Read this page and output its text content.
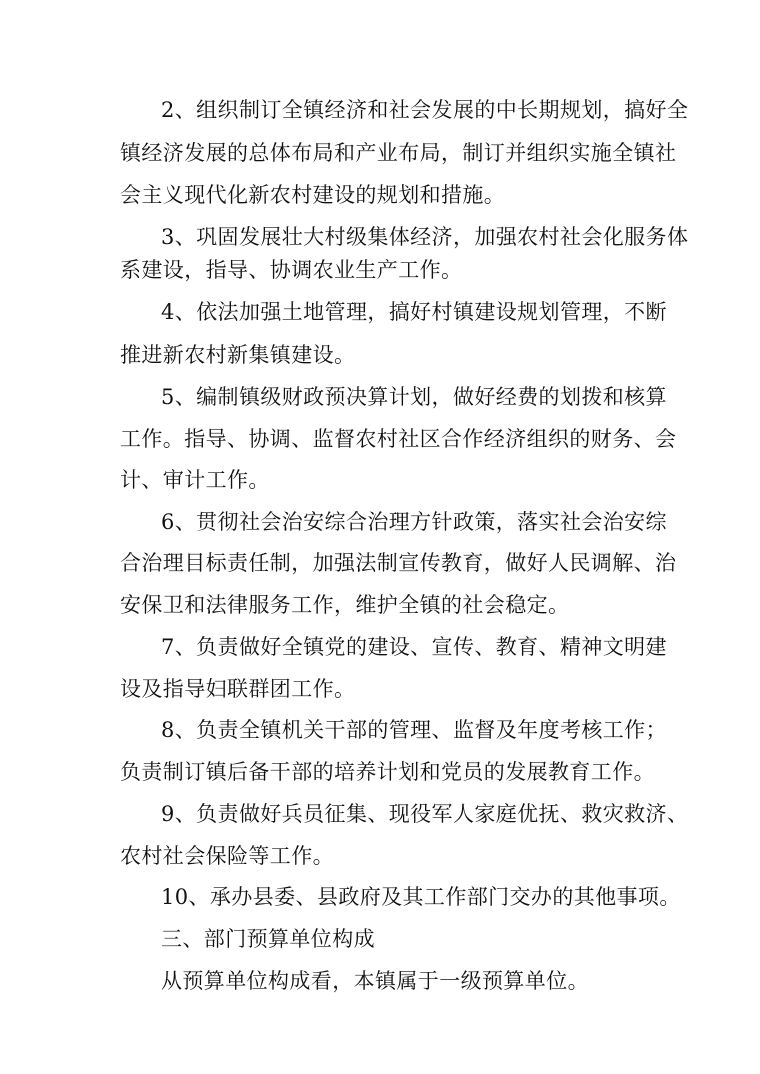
2、组织制订全镇经济和社会发展的中长期规划，搞好全
镇经济发展的总体布局和产业布局，制订并组织实施全镇社
会主义现代化新农村建设的规划和措施。
3、巩固发展壮大村级集体经济，加强农村社会化服务体
系建设，指导、协调农业生产工作。
4、依法加强土地管理，搞好村镇建设规划管理，不断
推进新农村新集镇建设。
5、编制镇级财政预决算计划，做好经费的划拨和核算
工作。指导、协调、监督农村社区合作经济组织的财务、会
计、审计工作。
6、贯彻社会治安综合治理方针政策，落实社会治安综
合治理目标责任制，加强法制宣传教育，做好人民调解、治
安保卫和法律服务工作，维护全镇的社会稳定。
7、负责做好全镇党的建设、宣传、教育、精神文明建
设及指导妇联群团工作。
8、负责全镇机关干部的管理、监督及年度考核工作；
负责制订镇后备干部的培养计划和党员的发展教育工作。
9、负责做好兵员征集、现役军人家庭优抚、救灾救济、
农村社会保险等工作。
10、承办县委、县政府及其工作部门交办的其他事项。
三、部门预算单位构成
从预算单位构成看，本镇属于一级预算单位。
